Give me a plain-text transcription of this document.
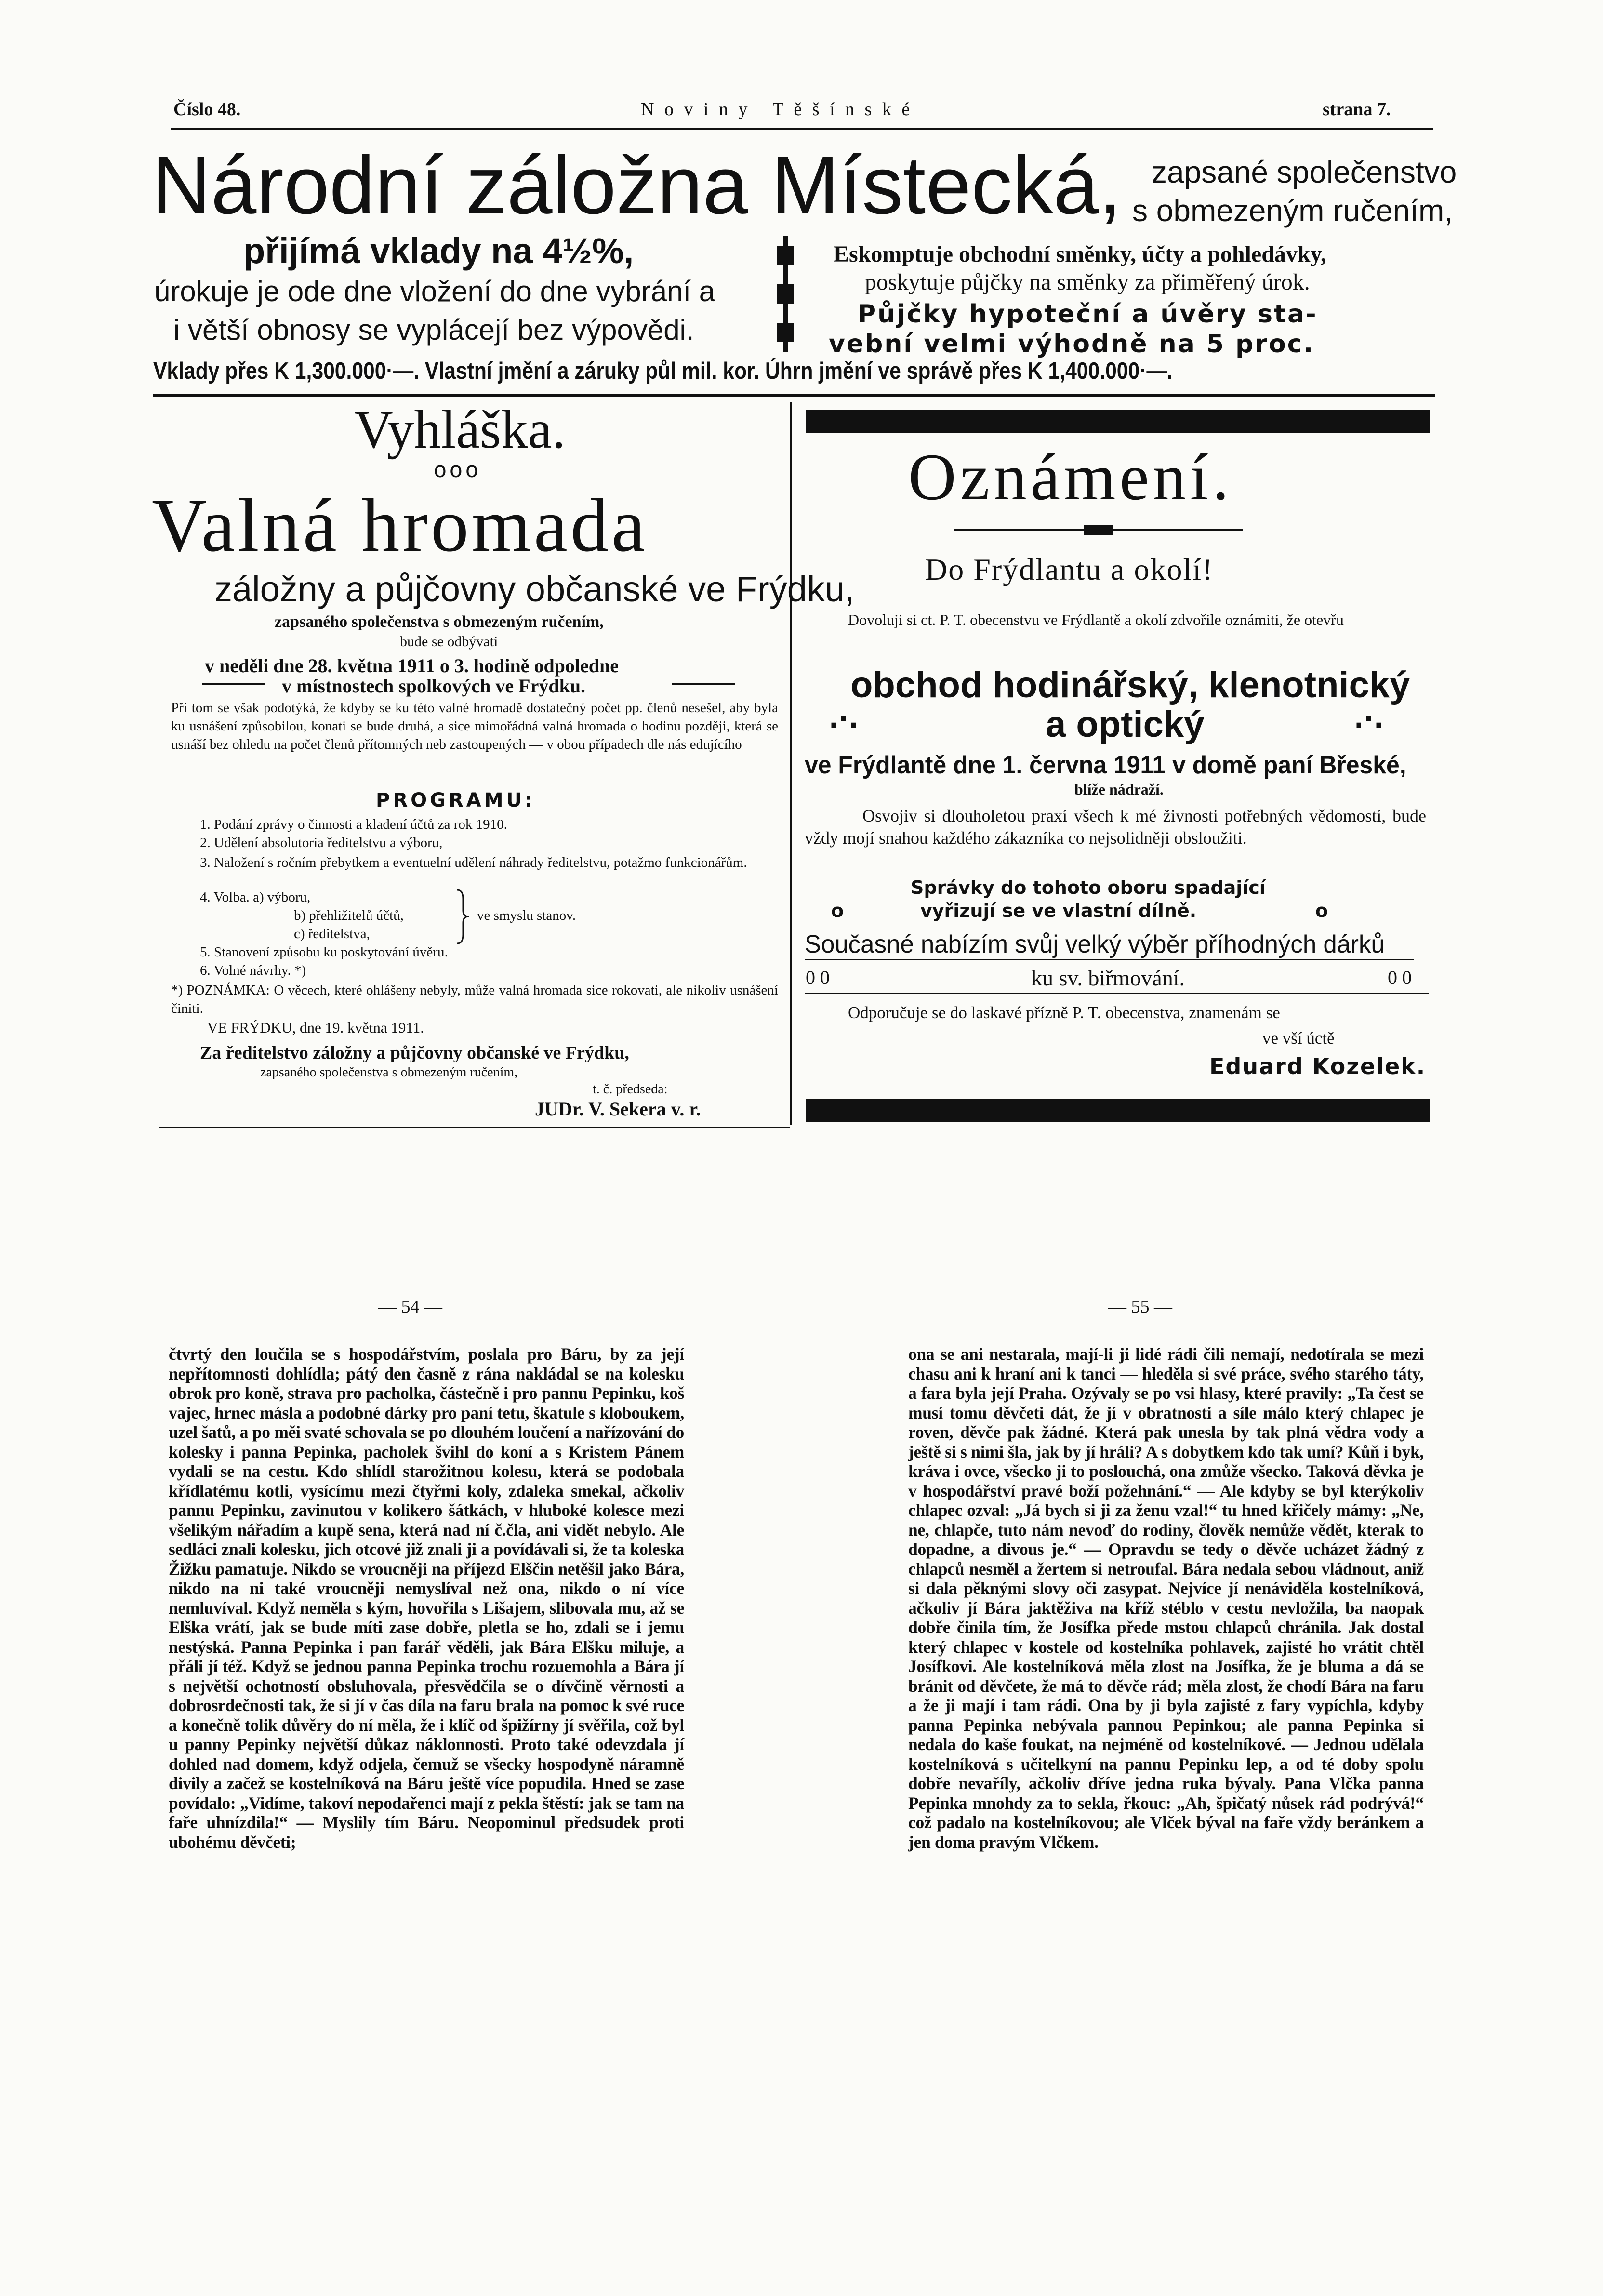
Číslo 48.	N o v i n y   T ě š í n s k é	strana 7.
Národní záložna Místecká, zapsané společenstvo
s obmezeným ručením,
přijímá vklady na 4½%,
úrokuje je ode dne vložení do dne vybrání a
i větší obnosy se vyplácejí bez výpovědi.
Eskomptuje obchodní směnky, účty a pohledávky,
poskytuje půjčky na směnky za přiměřený úrok.
Půjčky hypoteční a úvěry sta-
vební velmi výhodně na 5 proc.
Vklady přes K 1,300.000·—. Vlastní jmění a záruky půl mil. kor. Úhrn jmění ve správě přes K 1,400.000·—.
Vyhláška.
ooo
Valná hromada
záložny a půjčovny občanské ve Frýdku,
zapsaného společenstva s obmezeným ručením,
bude se odbývati
v neděli dne 28. května 1911 o 3. hodině odpoledne
v místnostech spolkových ve Frýdku.
Při tom se však podotýká, že kdyby se ku této valné hromadě dostatečný počet pp. členů nesešel, aby byla ku usnášení způsobilou, konati se bude druhá, a sice mimořádná valná hromada o hodinu později, která se usnáší bez ohledu na počet členů přítomných neb zastoupených — v obou případech dle nás edujícího
PROGRAMU:
1. Podání zprávy o činnosti a kladení účtů za rok 1910.
2. Udělení absolutoria ředitelstvu a výboru,
3. Naložení s ročním přebytkem a eventuelní udělení náhrady ředitelstvu, potažmo funkcionářům.
4. Volba. a) výboru,
b) přehližitelů účtů,
c) ředitelstva,
ve smyslu stanov.
5. Stanovení způsobu ku poskytování úvěru.
6. Volné návrhy. *)
*) POZNÁMKA: O věcech, které ohlášeny nebyly, může valná hromada sice rokovati, ale nikoliv usnášení činiti.
VE FRÝDKU, dne 19. května 1911.
Za ředitelstvo záložny a půjčovny občanské ve Frýdku,
zapsaného společenstva s obmezeným ručením,
t. č. předseda:
JUDr. V. Sekera v. r.
Oznámení.
Do Frýdlantu a okolí!
Dovoluji si ct. P. T. obecenstvu ve Frýdlantě a okolí zdvořile oznámiti, že otevřu
obchod hodinářský, klenotnický
.·.	a optický	.·.
ve Frýdlantě dne 1. června 1911 v domě paní Břeské,
blíže nádraží.
Osvojiv si dlouholetou praxí všech k mé živnosti potřebných vědomostí, bude vždy mojí snahou každého zákazníka co nejsolidněji obsloužiti.
Správky do tohoto oboru spadající
o	vyřizují se ve vlastní dílně.	o
Současné nabízím svůj velký výběr příhodných dárků
0 0	ku sv. biřmování.	0 0
Odporučuje se do laskavé přízně P. T. obecenstva, znamenám se
ve vší úctě
Eduard Kozelek.
— 54 —	— 55 —
čtvrtý den loučila se s hospodářstvím, poslala pro Báru, by za její nepřítomnosti dohlídla; pátý den časně z rána nakládal se na kolesku obrok pro koně, strava pro pacholka, částečně i pro pannu Pepinku, koš vajec, hrnec másla a podobné dárky pro paní tetu, škatule s kloboukem, uzel šatů, a po měi svaté schovala se po dlouhém loučení a nařízování do kolesky i panna Pepinka, pacholek švihl do koní a s Kristem Pánem vydali se na cestu. Kdo shlídl starožitnou kolesu, která se podobala křídlatému kotli, vysícímu mezi čtyřmi koly, zdaleka smekal, ačkoliv pannu Pepinku, zavinutou v kolikero šátkách, v hluboké kolesce mezi všelikým nářadím a kupě sena, která nad ní č.čla, ani vidět nebylo. Ale sedláci znali kolesku, jich otcové již znali ji a povídávali si, že ta koleska Žižku pamatuje. Nikdo se vroucněji na příjezd Elščin netěšil jako Bára, nikdo na ni také vroucněji nemyslíval než ona, nikdo o ní více nemluvíval. Když neměla s kým, hovořila s Lišajem, slibovala mu, až se Elška vrátí, jak se bude míti zase dobře, pletla se ho, zdali se i jemu nestýská. Panna Pepinka i pan farář věděli, jak Bára Elšku miluje, a přáli jí též. Když se jednou panna Pepinka trochu rozuemohla a Bára jí s největší ochotností obsluhovala, přesvědčila se o dívčině věrnosti a dobrosrdečnosti tak, že si jí v čas díla na faru brala na pomoc k své ruce a konečně tolik důvěry do ní měla, že i klíč od špižírny jí svěřila, což byl u panny Pepinky největší důkaz náklonnosti. Proto také odevzdala jí dohled nad domem, když odjela, čemuž se všecky hospodyně náramně divily a začež se kostelníková na Báru ještě více popudila. Hned se zase povídalo: „Vidíme, takoví nepodařenci mají z pekla štěstí: jak se tam na faře uhnízdila!“ — Myslily tím Báru. Neopominul předsudek proti ubohému děvčeti;
ona se ani nestarala, mají-li ji lidé rádi čili nemají, nedotírala se mezi chasu ani k hraní ani k tanci — hleděla si své práce, svého starého táty, a fara byla její Praha. Ozývaly se po vsi hlasy, které pravily: „Ta čest se musí tomu děvčeti dát, že jí v obratnosti a síle málo který chlapec je roven, děvče pak žádné. Která pak unesla by tak plná vědra vody a ještě si s nimi šla, jak by jí hráli? A s dobytkem kdo tak umí? Kůň i byk, kráva i ovce, všecko ji to poslouchá, ona zmůže všecko. Taková děvka je v hospodářství pravé boží požehnání.“ — Ale kdyby se byl kterýkoliv chlapec ozval: „Já bych si ji za ženu vzal!“ tu hned křičely mámy: „Ne, ne, chlapče, tuto nám nevoď do rodiny, člověk nemůže vědět, kterak to dopadne, a divous je.“ — Opravdu se tedy o děvče ucházet žádný z chlapců nesměl a žertem si netroufal. Bára nedala sebou vládnout, aniž si dala pěknými slovy oči zasypat. Nejvíce jí nenáviděla kostelníková, ačkoliv jí Bára jaktěživa na kříž stéblo v cestu nevložila, ba naopak dobře činila tím, že Josífka přede mstou chlapců chránila. Jak dostal který chlapec v kostele od kostelníka pohlavek, zajisté ho vrátit chtěl Josífkovi. Ale kostelníková měla zlost na Josífka, že je bluma a dá se bránit od děvčete, že má to děvče rád; měla zlost, že chodí Bára na faru a že ji mají i tam rádi. Ona by ji byla zajisté z fary vypíchla, kdyby panna Pepinka nebývala pannou Pepinkou; ale panna Pepinka si nedala do kaše foukat, na nejméně od kostelníkové. — Jednou udělala kostelníková s učitelkyní na pannu Pepinku lep, a od té doby spolu dobře nevaříly, ačkoliv dříve jedna ruka bývaly. Pana Vlčka panna Pepinka mnohdy za to sekla, řkouc: „Ah, špičatý nůsek rád podrývá!“ což padalo na kostelníkovou; ale Vlček býval na faře vždy beránkem a jen doma pravým Vlčkem.
